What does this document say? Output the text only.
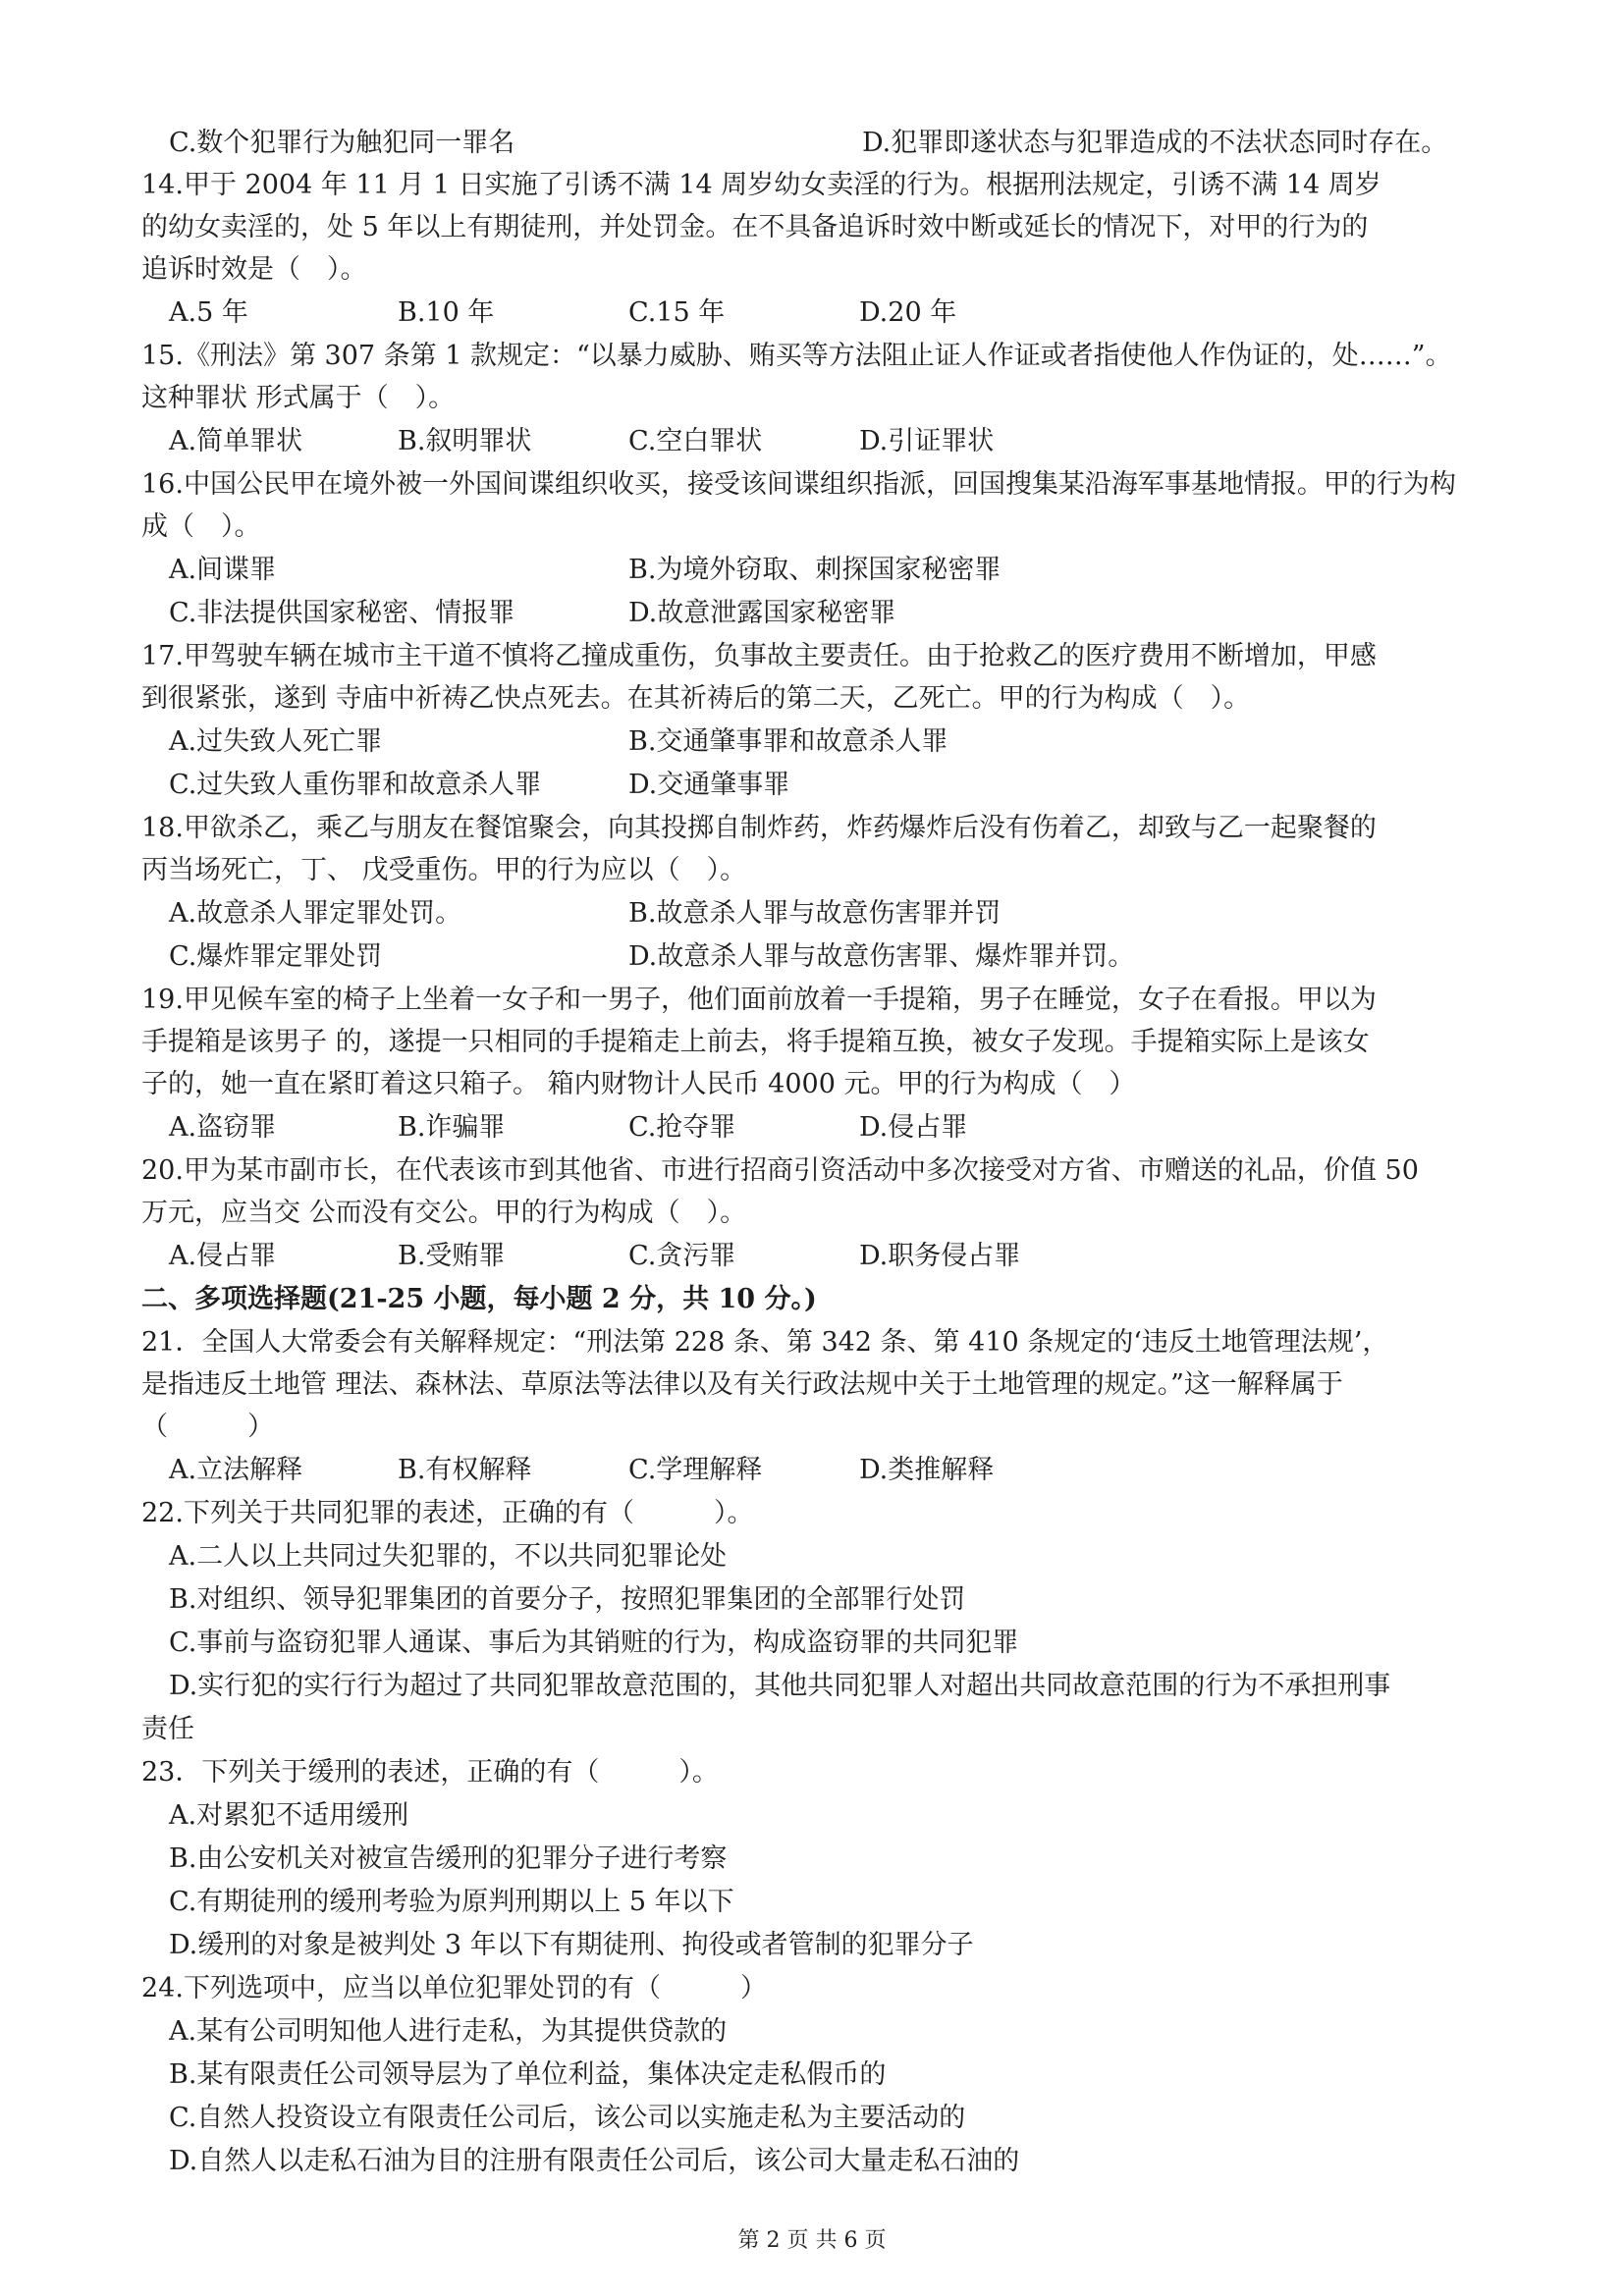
C.数个犯罪行为触犯同一罪名	D.犯罪即遂状态与犯罪造成的不法状态同时存在。
14.甲于 2004 年 11 月 1 日实施了引诱不满 14 周岁幼女卖淫的行为。根据刑法规定，引诱不满 14 周岁
的幼女卖淫的，处 5 年以上有期徒刑，并处罚金。在不具备追诉时效中断或延长的情况下，对甲的行为的
追诉时效是（　）。
A.5 年	B.10 年	C.15 年	D.20 年
15.《刑法》第 307 条第 1 款规定：“以暴力威胁、贿买等方法阻止证人作证或者指使他人作伪证的，处……”。
这种罪状 形式属于（　）。
A.简单罪状	B.叙明罪状	C.空白罪状	D.引证罪状
16.中国公民甲在境外被一外国间谍组织收买，接受该间谍组织指派，回国搜集某沿海军事基地情报。甲的行为构
成（　）。
A.间谍罪	B.为境外窃取、刺探国家秘密罪
C.非法提供国家秘密、情报罪	D.故意泄露国家秘密罪
17.甲驾驶车辆在城市主干道不慎将乙撞成重伤，负事故主要责任。由于抢救乙的医疗费用不断增加，甲感
到很紧张，遂到 寺庙中祈祷乙快点死去。在其祈祷后的第二天，乙死亡。甲的行为构成（　）。
A.过失致人死亡罪	B.交通肇事罪和故意杀人罪
C.过失致人重伤罪和故意杀人罪	D.交通肇事罪
18.甲欲杀乙，乘乙与朋友在餐馆聚会，向其投掷自制炸药，炸药爆炸后没有伤着乙，却致与乙一起聚餐的
丙当场死亡，丁、 戊受重伤。甲的行为应以（　）。
A.故意杀人罪定罪处罚。	B.故意杀人罪与故意伤害罪并罚
C.爆炸罪定罪处罚	D.故意杀人罪与故意伤害罪、爆炸罪并罚。
19.甲见候车室的椅子上坐着一女子和一男子，他们面前放着一手提箱，男子在睡觉，女子在看报。甲以为
手提箱是该男子 的，遂提一只相同的手提箱走上前去，将手提箱互换，被女子发现。手提箱实际上是该女
子的，她一直在紧盯着这只箱子。 箱内财物计人民币 4000 元。甲的行为构成（　）
A.盗窃罪	B.诈骗罪	C.抢夺罪	D.侵占罪
20.甲为某市副市长，在代表该市到其他省、市进行招商引资活动中多次接受对方省、市赠送的礼品，价值 50
万元，应当交 公而没有交公。甲的行为构成（　）。
A.侵占罪	B.受贿罪	C.贪污罪	D.职务侵占罪
二、多项选择题(21-25 小题，每小题 2 分，共 10 分。)
21．全国人大常委会有关解释规定：“刑法第 228 条、第 342 条、第 410 条规定的‘违反土地管理法规’，
是指违反土地管 理法、森林法、草原法等法律以及有关行政法规中关于土地管理的规定。”这一解释属于
（　　　）
A.立法解释	B.有权解释	C.学理解释	D.类推解释
22.下列关于共同犯罪的表述，正确的有（　　　）。
A.二人以上共同过失犯罪的，不以共同犯罪论处
B.对组织、领导犯罪集团的首要分子，按照犯罪集团的全部罪行处罚
C.事前与盗窃犯罪人通谋、事后为其销赃的行为，构成盗窃罪的共同犯罪
D.实行犯的实行行为超过了共同犯罪故意范围的，其他共同犯罪人对超出共同故意范围的行为不承担刑事
责任
23．下列关于缓刑的表述，正确的有（　　　）。
A.对累犯不适用缓刑
B.由公安机关对被宣告缓刑的犯罪分子进行考察
C.有期徒刑的缓刑考验为原判刑期以上 5 年以下
D.缓刑的对象是被判处 3 年以下有期徒刑、拘役或者管制的犯罪分子
24.下列选项中，应当以单位犯罪处罚的有（　　　）
A.某有公司明知他人进行走私，为其提供贷款的
B.某有限责任公司领导层为了单位利益，集体决定走私假币的
C.自然人投资设立有限责任公司后，该公司以实施走私为主要活动的
D.自然人以走私石油为目的注册有限责任公司后，该公司大量走私石油的
第 2 页 共 6 页
